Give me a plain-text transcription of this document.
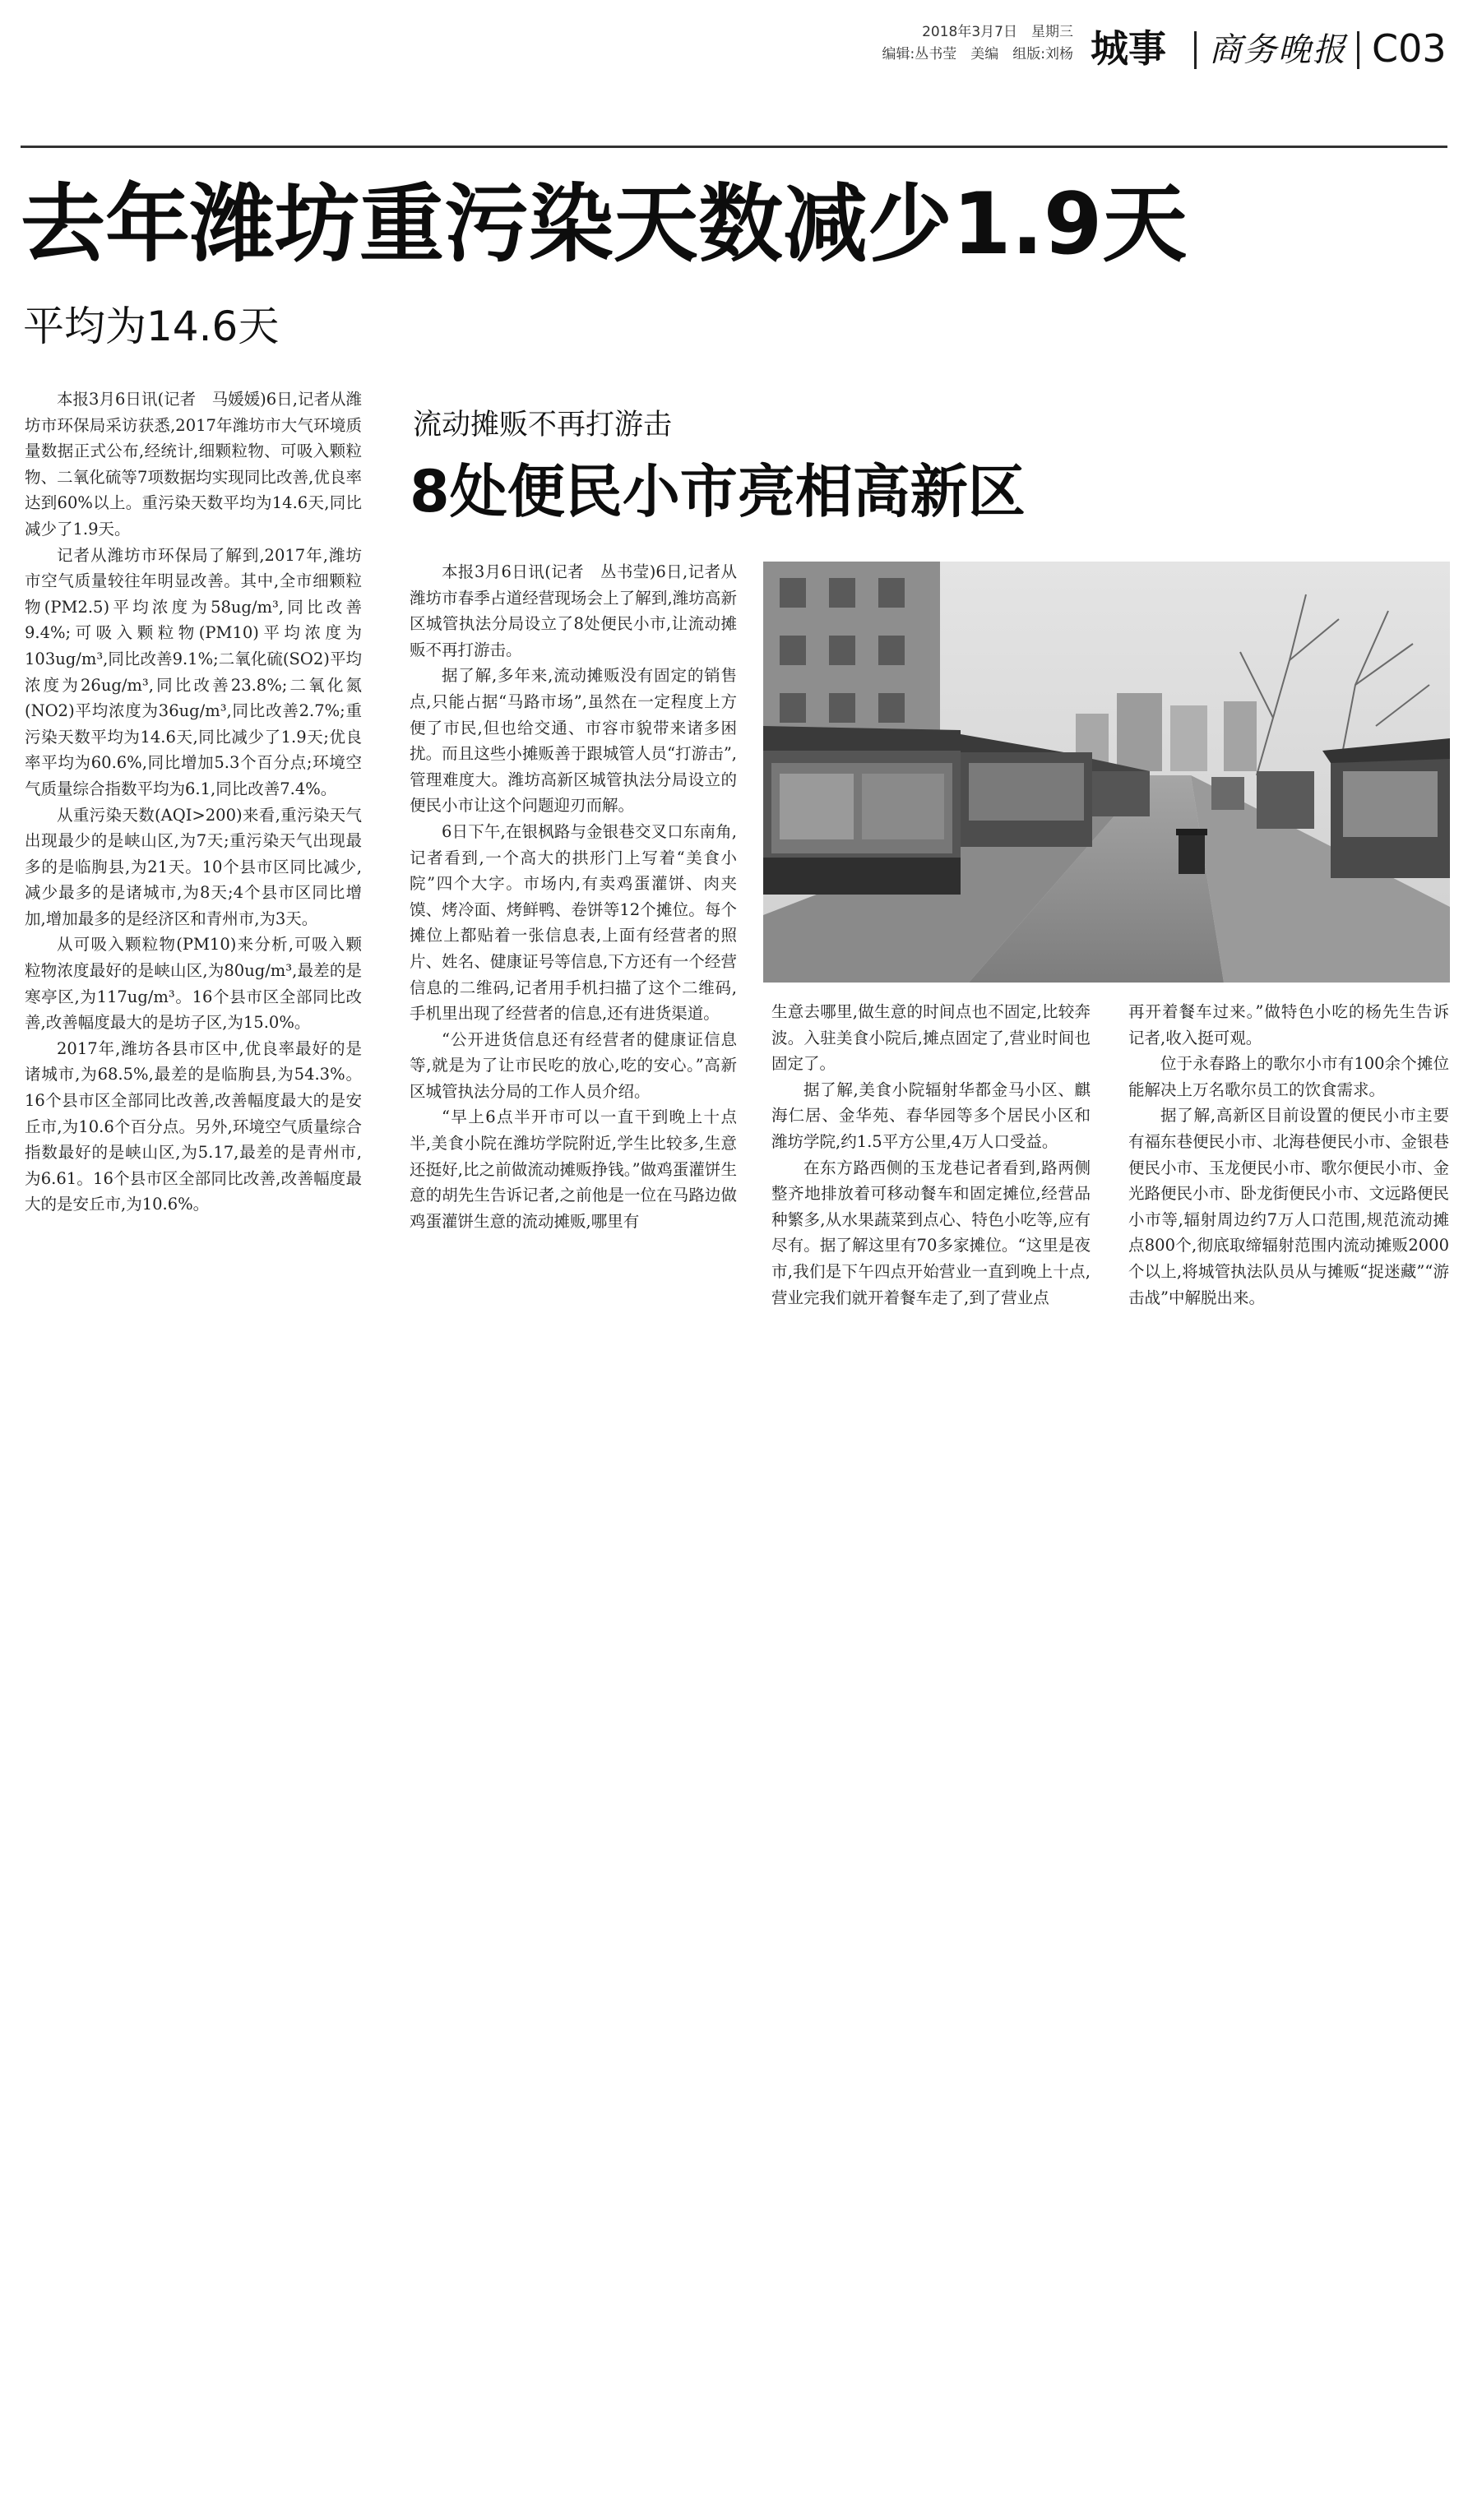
2018年3月7日　星期三
编辑:丛书莹　美编　组版:刘杨 城事 商务晚报 C03
去年潍坊重污染天数减少1.9天
平均为14.6天

本报3月6日讯(记者　马媛媛)6日,记者从潍坊市环保局采访获悉,2017年潍坊市大气环境质量数据正式公布,经统计,细颗粒物、可吸入颗粒物、二氧化硫等7项数据均实现同比改善,优良率达到60%以上。重污染天数平均为14.6天,同比减少了1.9天。

记者从潍坊市环保局了解到,2017年,潍坊市空气质量较往年明显改善。其中,全市细颗粒物(PM2.5)平均浓度为58ug/m³,同比改善9.4%;可吸入颗粒物(PM10)平均浓度为103ug/m³,同比改善9.1%;二氧化硫(SO2)平均浓度为26ug/m³,同比改善23.8%;二氧化氮(NO2)平均浓度为36ug/m³,同比改善2.7%;重污染天数平均为14.6天,同比减少了1.9天;优良率平均为60.6%,同比增加5.3个百分点;环境空气质量综合指数平均为6.1,同比改善7.4%。

从重污染天数(AQI>200)来看,重污染天气出现最少的是峡山区,为7天;重污染天气出现最多的是临朐县,为21天。10个县市区同比减少,减少最多的是诸城市,为8天;4个县市区同比增加,增加最多的是经济区和青州市,为3天。

从可吸入颗粒物(PM10)来分析,可吸入颗粒物浓度最好的是峡山区,为80ug/m³,最差的是寒亭区,为117ug/m³。16个县市区全部同比改善,改善幅度最大的是坊子区,为15.0%。

2017年,潍坊各县市区中,优良率最好的是诸城市,为68.5%,最差的是临朐县,为54.3%。16个县市区全部同比改善,改善幅度最大的是安丘市,为10.6个百分点。另外,环境空气质量综合指数最好的是峡山区,为5.17,最差的是青州市,为6.61。16个县市区全部同比改善,改善幅度最大的是安丘市,为10.6%。

流动摊贩不再打游击
8处便民小市亮相高新区

本报3月6日讯(记者　丛书莹)6日,记者从潍坊市春季占道经营现场会上了解到,潍坊高新区城管执法分局设立了8处便民小市,让流动摊贩不再打游击。

据了解,多年来,流动摊贩没有固定的销售点,只能占据“马路市场”,虽然在一定程度上方便了市民,但也给交通、市容市貌带来诸多困扰。而且这些小摊贩善于跟城管人员“打游击”,管理难度大。潍坊高新区城管执法分局设立的便民小市让这个问题迎刃而解。

6日下午,在银枫路与金银巷交叉口东南角,记者看到,一个高大的拱形门上写着“美食小院”四个大字。市场内,有卖鸡蛋灌饼、肉夹馍、烤冷面、烤鲜鸭、卷饼等12个摊位。每个摊位上都贴着一张信息表,上面有经营者的照片、姓名、健康证号等信息,下方还有一个经营信息的二维码,记者用手机扫描了这个二维码,手机里出现了经营者的信息,还有进货渠道。

“公开进货信息还有经营者的健康证信息等,就是为了让市民吃的放心,吃的安心。”高新区城管执法分局的工作人员介绍。

“早上6点半开市可以一直干到晚上十点半,美食小院在潍坊学院附近,学生比较多,生意还挺好,比之前做流动摊贩挣钱。”做鸡蛋灌饼生意的胡先生告诉记者,之前他是一位在马路边做鸡蛋灌饼生意的流动摊贩,哪里有

生意去哪里,做生意的时间点也不固定,比较奔波。入驻美食小院后,摊点固定了,营业时间也固定了。

据了解,美食小院辐射华都金马小区、麒海仁居、金华苑、春华园等多个居民小区和潍坊学院,约1.5平方公里,4万人口受益。

在东方路西侧的玉龙巷记者看到,路两侧整齐地排放着可移动餐车和固定摊位,经营品种繁多,从水果蔬菜到点心、特色小吃等,应有尽有。据了解这里有70多家摊位。“这里是夜市,我们是下午四点开始营业一直到晚上十点,营业完我们就开着餐车走了,到了营业点

再开着餐车过来。”做特色小吃的杨先生告诉记者,收入挺可观。

位于永春路上的歌尔小市有100余个摊位能解决上万名歌尔员工的饮食需求。

据了解,高新区目前设置的便民小市主要有福东巷便民小市、北海巷便民小市、金银巷便民小市、玉龙便民小市、歌尔便民小市、金光路便民小市、卧龙街便民小市、文远路便民小市等,辐射周边约7万人口范围,规范流动摊点800个,彻底取缔辐射范围内流动摊贩2000个以上,将城管执法队员从与摊贩“捉迷藏”“游击战”中解脱出来。
